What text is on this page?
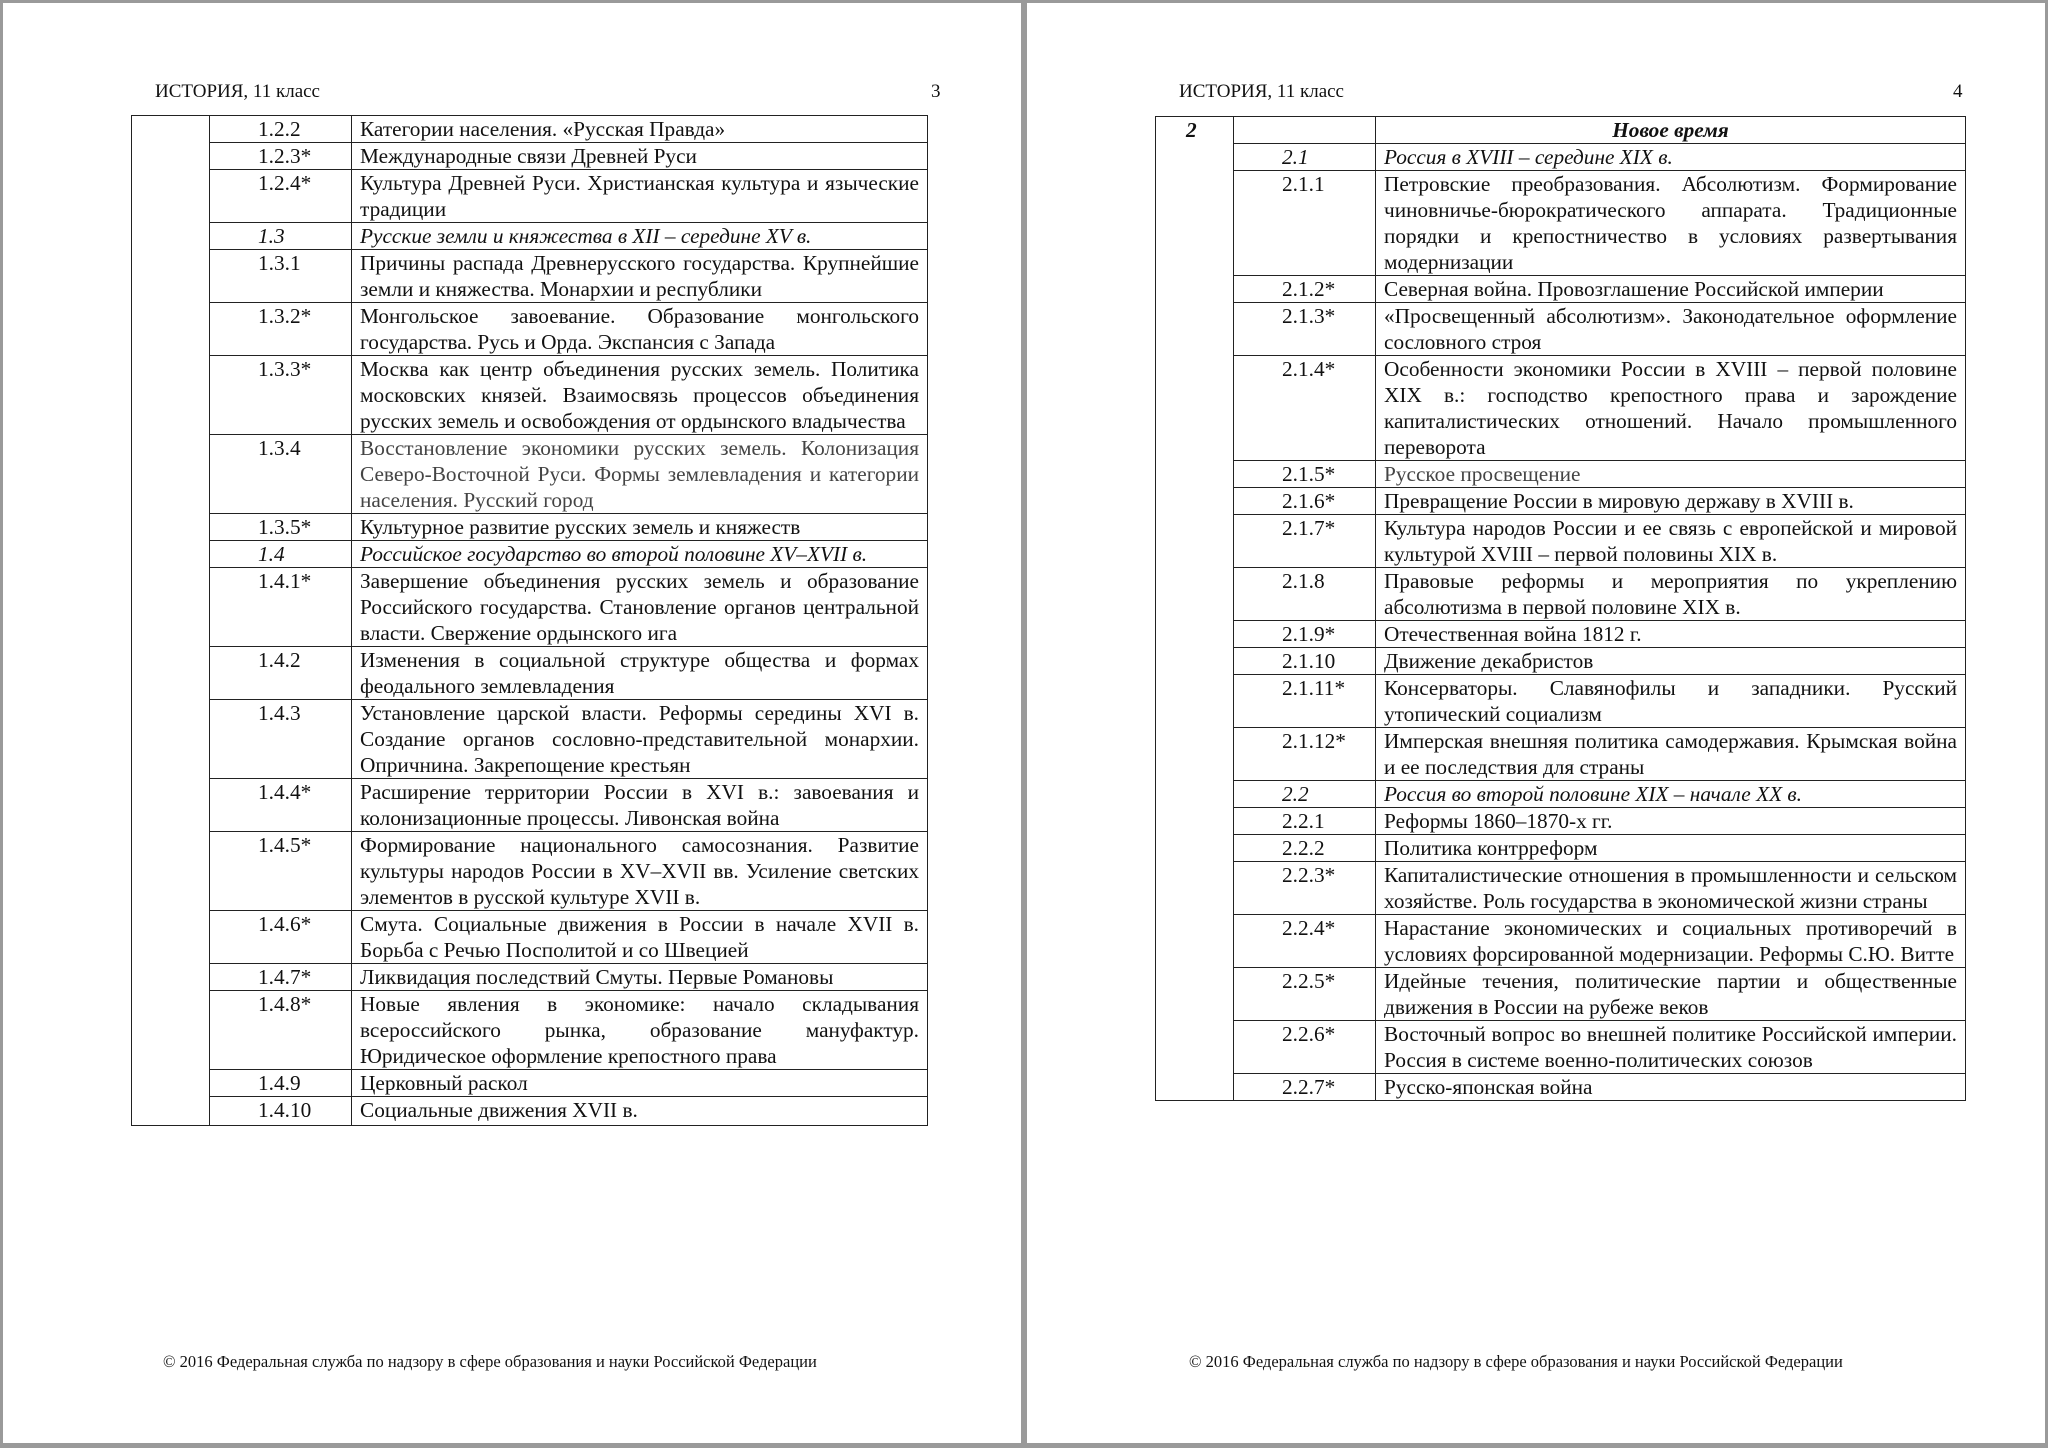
ИСТОРИЯ, 11 класс	3
	1.2.2	Категории населения. «Русская Правда»
	1.2.3*	Международные связи Древней Руси
	1.2.4*	Культура Древней Руси. Христианская культура и языческие традиции
	1.3	Русские земли и княжества в XII – середине XV в.
	1.3.1	Причины распада Древнерусского государства. Крупнейшие земли и княжества. Монархии и республики
	1.3.2*	Монгольское завоевание. Образование монгольского государства. Русь и Орда. Экспансия с Запада
	1.3.3*	Москва как центр объединения русских земель. Политика московских князей. Взаимосвязь процессов объединения русских земель и освобождения от ордынского владычества
	1.3.4	Восстановление экономики русских земель. Колонизация Северо-Восточной Руси. Формы землевладения и категории населения. Русский город
	1.3.5*	Культурное развитие русских земель и княжеств
	1.4	Российское государство во второй половине XV–XVII в.
	1.4.1*	Завершение объединения русских земель и образование Российского государства. Становление органов центральной власти. Свержение ордынского ига
	1.4.2	Изменения в социальной структуре общества и формах феодального землевладения
	1.4.3	Установление царской власти. Реформы середины XVI в. Создание органов сословно-представительной монархии. Опричнина. Закрепощение крестьян
	1.4.4*	Расширение территории России в XVI в.: завоевания и колонизационные процессы. Ливонская война
	1.4.5*	Формирование национального самосознания. Развитие культуры народов России в XV–XVII вв. Усиление светских элементов в русской культуре XVII в.
	1.4.6*	Смута. Социальные движения в России в начале XVII в. Борьба с Речью Посполитой и со Швецией
	1.4.7*	Ликвидация последствий Смуты. Первые Романовы
	1.4.8*	Новые явления в экономике: начало складывания всероссийского рынка, образование мануфактур. Юридическое оформление крепостного права
	1.4.9	Церковный раскол
	1.4.10	Социальные движения XVII в.
© 2016 Федеральная служба по надзору в сфере образования и науки Российской Федерации
ИСТОРИЯ, 11 класс	4
2		Новое время
	2.1	Россия в XVIII – середине XIX в.
	2.1.1	Петровские преобразования. Абсолютизм. Формирование чиновничье-бюрократического аппарата. Традиционные порядки и крепостничество в условиях развертывания модернизации
	2.1.2*	Северная война. Провозглашение Российской империи
	2.1.3*	«Просвещенный абсолютизм». Законодательное оформление сословного строя
	2.1.4*	Особенности экономики России в XVIII – первой половине XIX в.: господство крепостного права и зарождение капиталистических отношений. Начало промышленного переворота
	2.1.5*	Русское просвещение
	2.1.6*	Превращение России в мировую державу в XVIII в.
	2.1.7*	Культура народов России и ее связь с европейской и мировой культурой XVIII – первой половины XIX в.
	2.1.8	Правовые реформы и мероприятия по укреплению абсолютизма в первой половине XIX в.
	2.1.9*	Отечественная война 1812 г.
	2.1.10	Движение декабристов
	2.1.11*	Консерваторы. Славянофилы и западники. Русский утопический социализм
	2.1.12*	Имперская внешняя политика самодержавия. Крымская война и ее последствия для страны
	2.2	Россия во второй половине XIX – начале XX в.
	2.2.1	Реформы 1860–1870-х гг.
	2.2.2	Политика контрреформ
	2.2.3*	Капиталистические отношения в промышленности и сельском хозяйстве. Роль государства в экономической жизни страны
	2.2.4*	Нарастание экономических и социальных противоречий в условиях форсированной модернизации. Реформы С.Ю. Витте
	2.2.5*	Идейные течения, политические партии и общественные движения в России на рубеже веков
	2.2.6*	Восточный вопрос во внешней политике Российской империи. Россия в системе военно-политических союзов
	2.2.7*	Русско-японская война
© 2016 Федеральная служба по надзору в сфере образования и науки Российской Федерации
